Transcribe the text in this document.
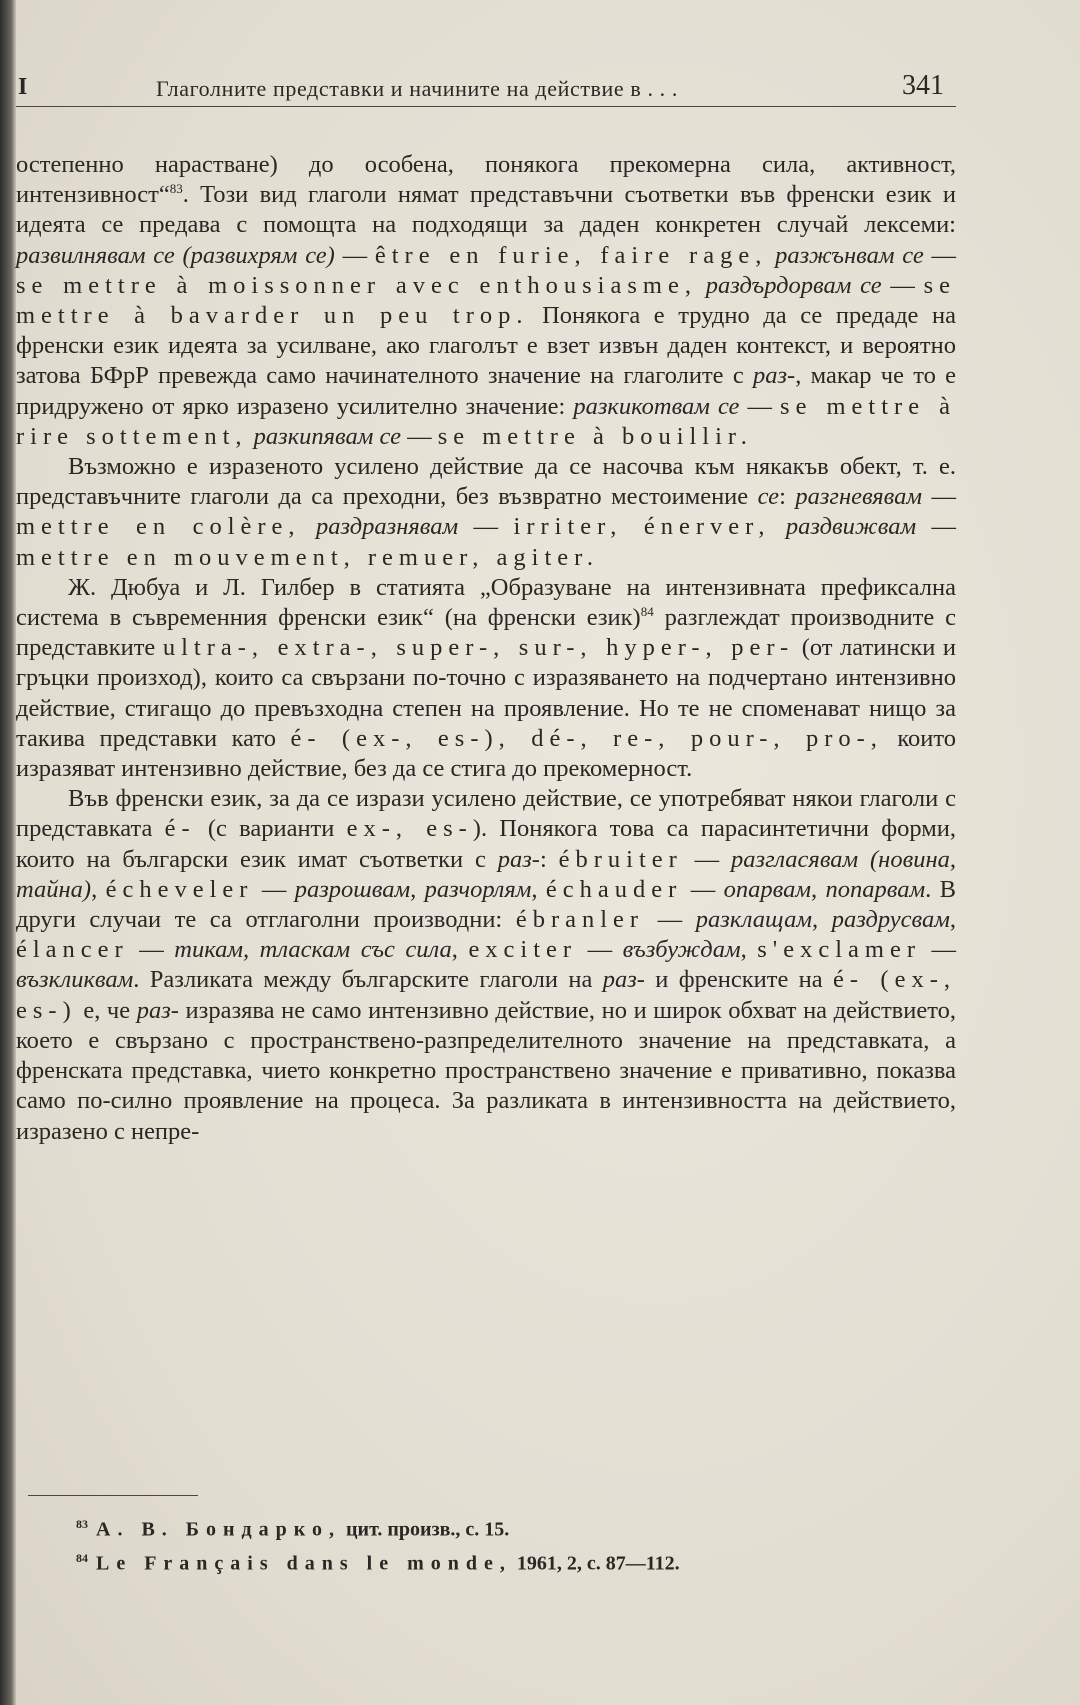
I	Глаголните представки и начините на действие в . . .	341

остепенно нарастване) до особена, понякога прекомерна сила, активност, интензивност“$^{83}$. Този вид глаголи нямат представъчни съответки във френски език и идеята се предава с помощта на подходящи за даден конкретен случай лексеми: развилнявам се (развихрям се) — être en furie, faire rage, разжънвам се — se mettre à moissonner avec enthousiasme, раздърдорвам се — se mettre à bavarder un peu trop. Понякога е трудно да се предаде на френски език идеята за усилване, ако глаголът е взет извън даден контекст, и вероятно затова БФрР превежда само начинателното значение на глаголите с раз-, макар че то е придружено от ярко изразено усилително значение: разкикотвам се — se mettre à rire sottement, разкипявам се — se mettre à bouillir.

Възможно е изразеното усилено действие да се насочва към някакъв обект, т. е. представъчните глаголи да са преходни, без възвратно местоимение се: разгневявам — mettre en colère, раздразнявам — irriter, énerver, раздвижвам — mettre en mouvement, remuer, agiter.

Ж. Дюбуа и Л. Гилбер в статията „Образуване на интензивната префиксална система в съвременния френски език“ (на френски език)$^{84}$ разглеждат производните с представките ultra-, extra-, super-, sur-, hyper-, per- (от латински и гръцки произход), които са свързани по-точно с изразяването на подчертано интензивно действие, стигащо до превъзходна степен на проявление. Но те не споменават нищо за такива представки като é- (ex-, es-), dé-, re-, pour-, pro-, които изразяват интензивно действие, без да се стига до прекомерност.

Във френски език, за да се изрази усилено действие, се употребяват някои глаголи с представката é- (с варианти ex-, es-). Понякога това са парасинтетични форми, които на български език имат съответки с раз-: ébruiter — разгласявам (новина, тайна), écheveler — разрошвам, разчорлям, échauder — опарвам, попарвам. В други случаи те са отглаголни производни: ébranler — разклащам, раздрусвам, élancer — тикам, тласкам със сила, exciter — възбуждам, s'exclamer — възкликвам. Разликата между българските глаголи на раз- и френските на é- (ex-, es-) е, че раз- изразява не само интензивно действие, но и широк обхват на действието, което е свързано с пространствено-разпределителното значение на представката, а френската представка, чието конкретно пространствено значение е привативно, показва само по-силно проявление на процеса. За разликата в интензивността на действието, изразено с непре-

$^{83}$ А. В. Бондарко, цит. произв., с. 15.

$^{84}$ Le Français dans le monde, 1961, 2, с. 87—112.
